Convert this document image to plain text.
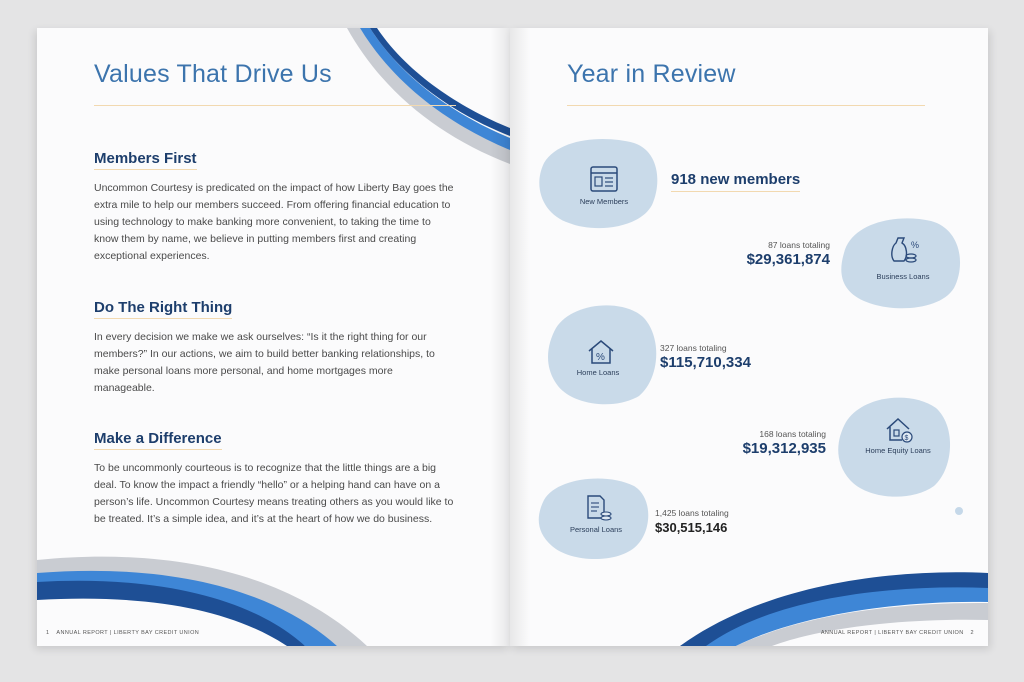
Values That Drive Us
Members First

Uncommon Courtesy is predicated on the impact of how Liberty Bay goes the extra mile to help our members succeed. From offering financial education to using technology to make banking more convenient, to taking the time to know them by name, we believe in putting members first and creating exceptional experiences.

Do The Right Thing

In every decision we make we ask ourselves: “Is it the right thing for our members?” In our actions, we aim to build better banking relationships, to make personal loans more personal, and home mortgages more manageable.

Make a Difference

To be uncommonly courteous is to recognize that the little things are a big deal. To know the impact a friendly “hello” or a helping hand can have on a person’s life. Uncommon Courtesy means treating others as you would like to be treated. It’s a simple idea, and it’s at the heart of how we do business.

1 ANNUAL REPORT | LIBERTY BAY CREDIT UNION
Year in Review
New Members
918 new members
%
Business Loans
87 loans totaling
$29,361,874
%
Home Loans
327 loans totaling
$115,710,334
$
Home Equity Loans
168 loans totaling
$19,312,935
Personal Loans
1,425 loans totaling
$30,515,146
ANNUAL REPORT | LIBERTY BAY CREDIT UNION 2
